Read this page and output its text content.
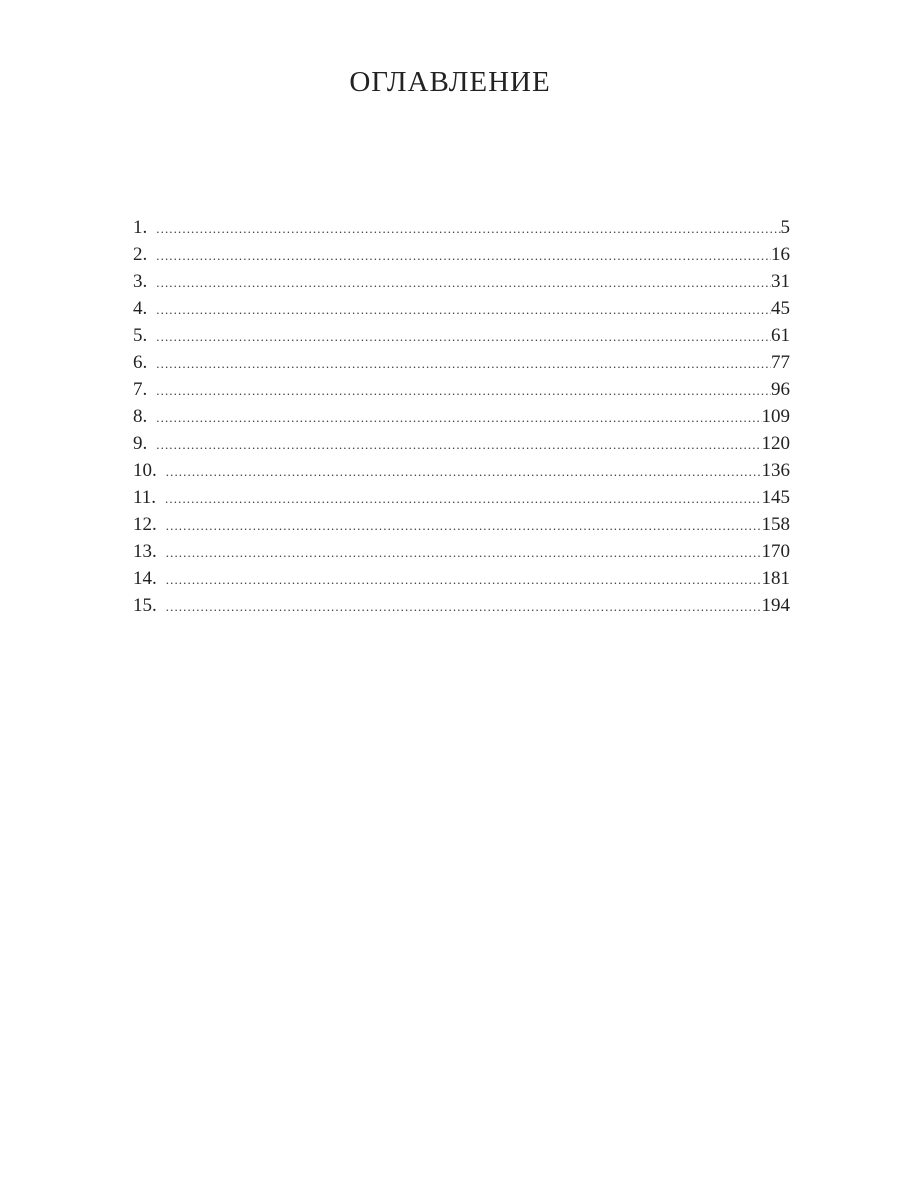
ОГЛАВЛЕНИЕ
1. .....	5
2. .....	16
3. .....	31
4. .....	45
5. .....	61
6. .....	77
7. .....	96
8. .....	109
9. .....	120
10. .....	136
11. .....	145
12. .....	158
13. .....	170
14. .....	181
15. .....	194
